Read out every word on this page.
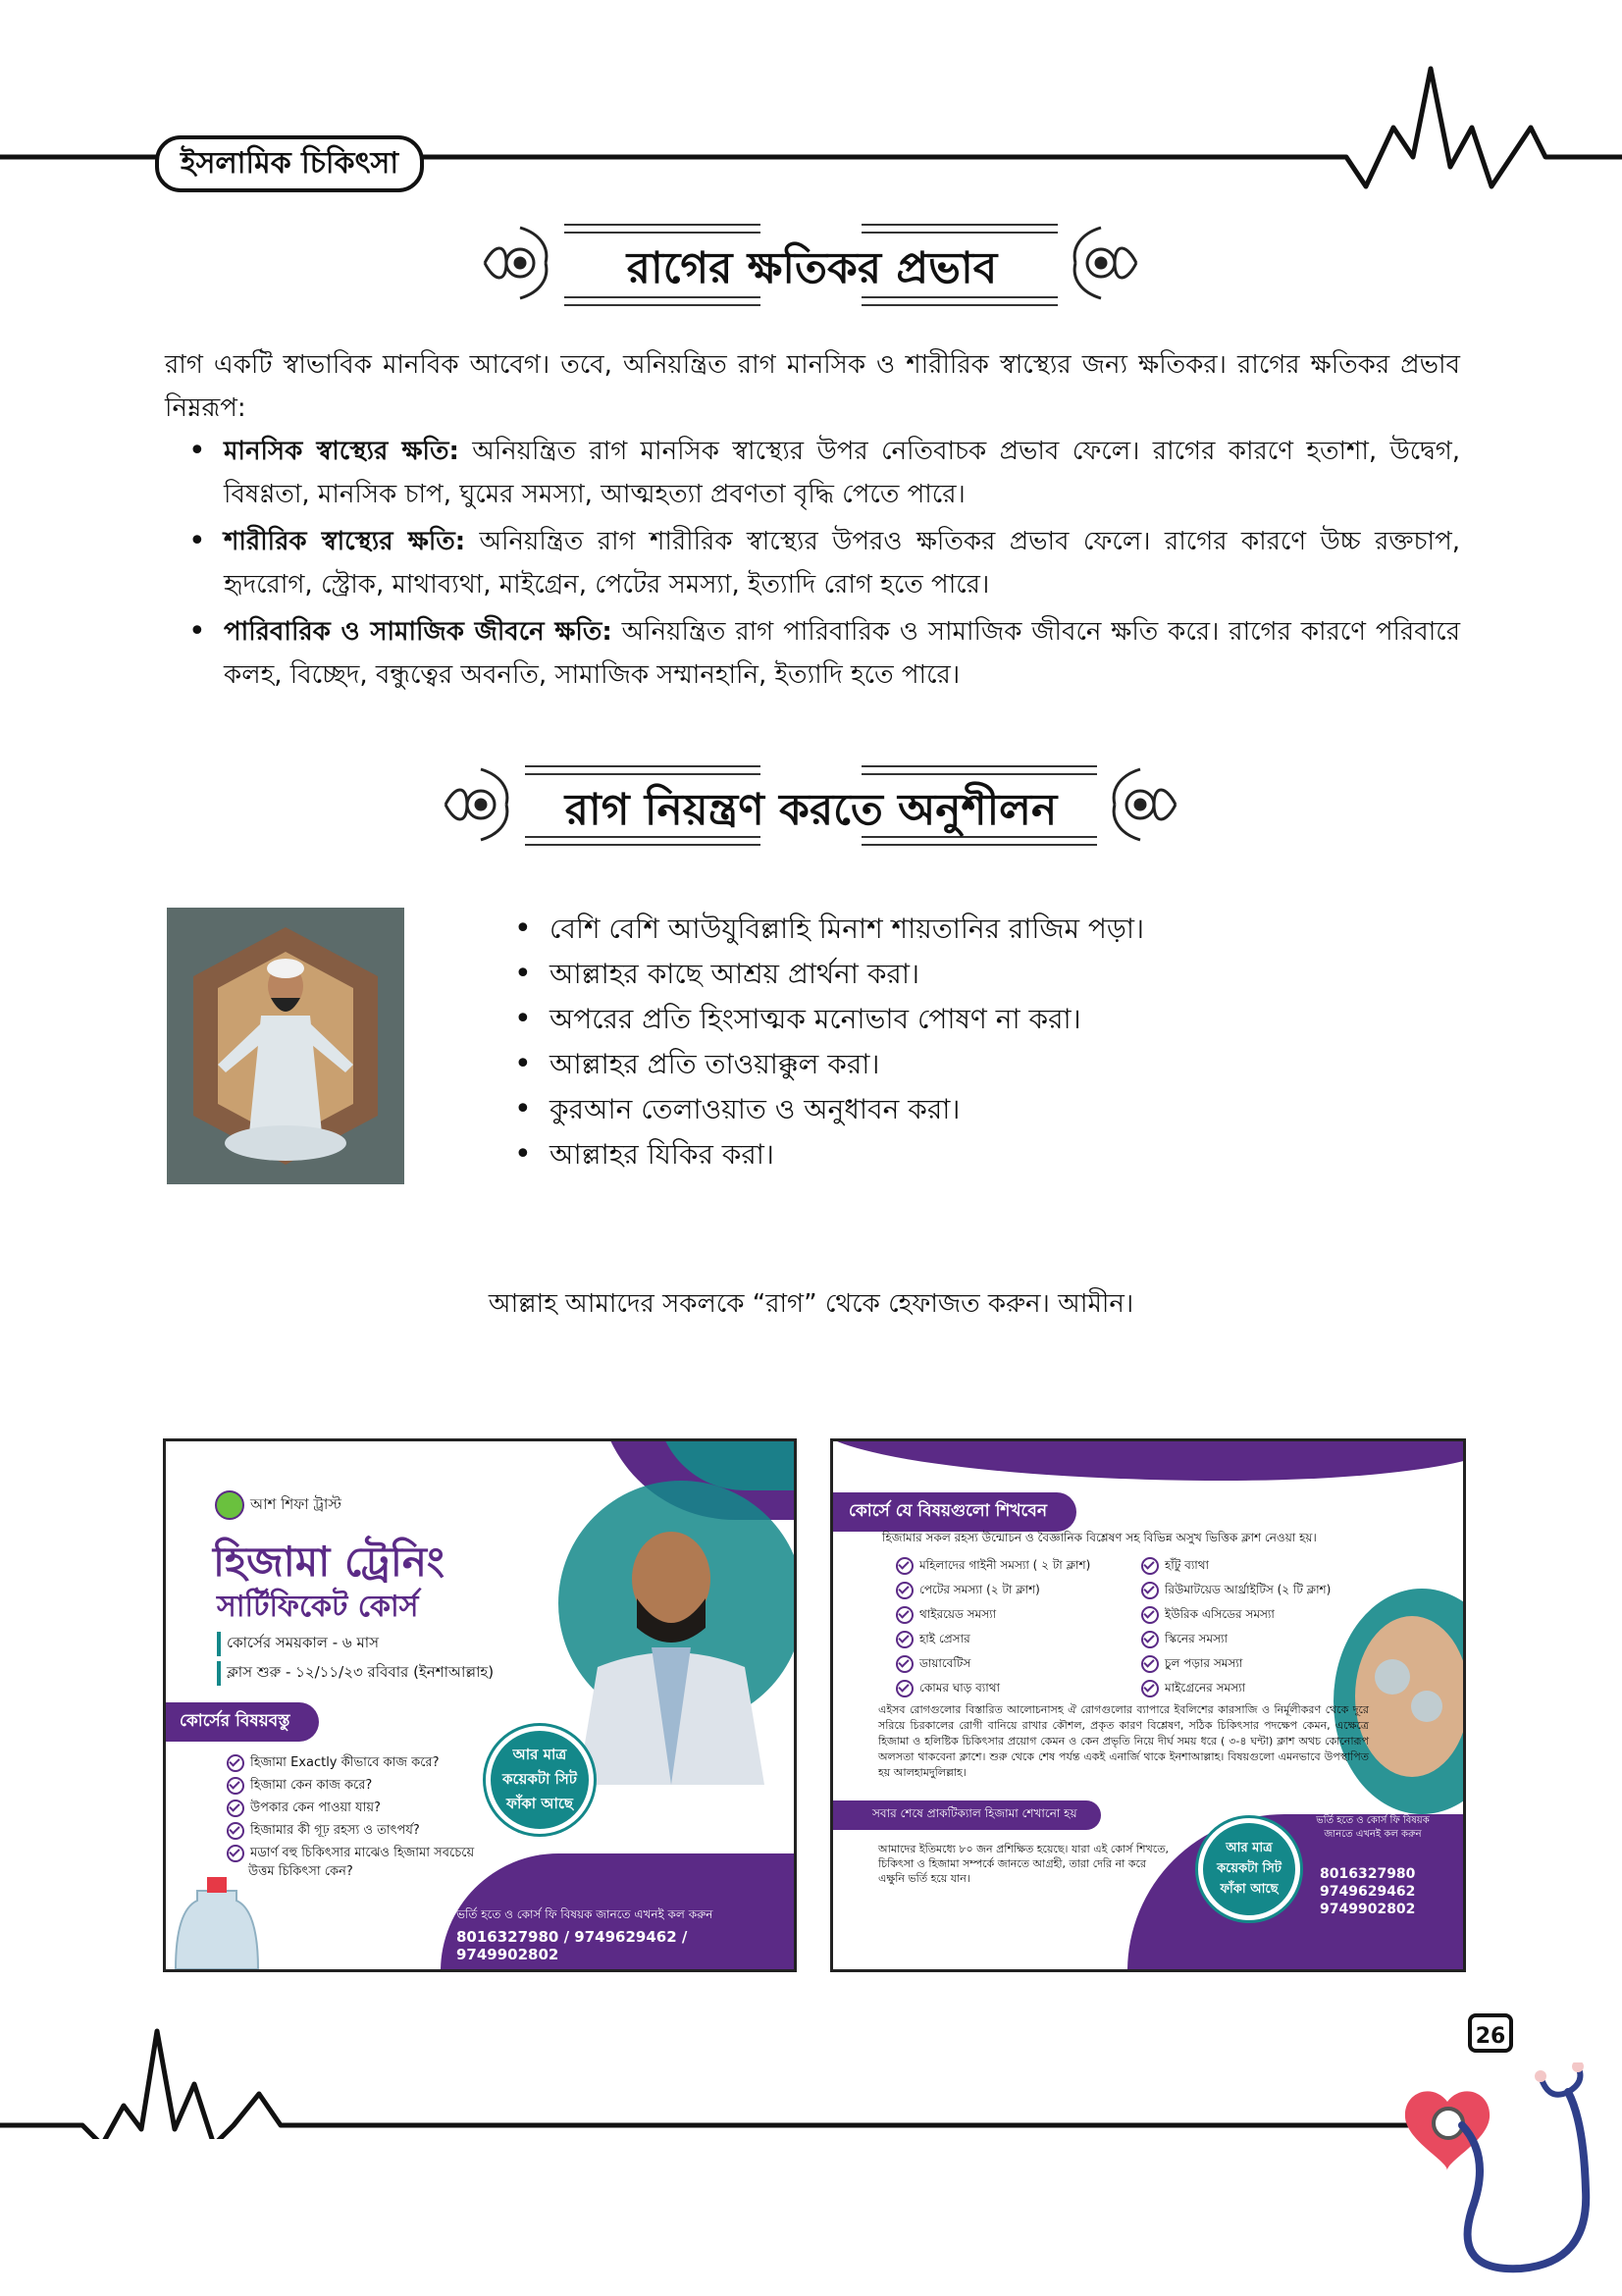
ইসলামিক চিকিৎসা
রাগের ক্ষতিকর প্রভাব
রাগ একটি স্বাভাবিক মানবিক আবেগ। তবে, অনিয়ন্ত্রিত রাগ মানসিক ও শারীরিক স্বাস্থ্যের জন্য ক্ষতিকর। রাগের ক্ষতিকর প্রভাব নিম্নরূপ:
• মানসিক স্বাস্থ্যের ক্ষতি: অনিয়ন্ত্রিত রাগ মানসিক স্বাস্থ্যের উপর নেতিবাচক প্রভাব ফেলে। রাগের কারণে হতাশা, উদ্বেগ, বিষণ্ণতা, মানসিক চাপ, ঘুমের সমস্যা, আত্মহত্যা প্রবণতা বৃদ্ধি পেতে পারে।
• শারীরিক স্বাস্থ্যের ক্ষতি: অনিয়ন্ত্রিত রাগ শারীরিক স্বাস্থ্যের উপরও ক্ষতিকর প্রভাব ফেলে। রাগের কারণে উচ্চ রক্তচাপ, হৃদরোগ, স্ট্রোক, মাথাব্যথা, মাইগ্রেন, পেটের সমস্যা, ইত্যাদি রোগ হতে পারে।
• পারিবারিক ও সামাজিক জীবনে ক্ষতি: অনিয়ন্ত্রিত রাগ পারিবারিক ও সামাজিক জীবনে ক্ষতি করে। রাগের কারণে পরিবারে কলহ, বিচ্ছেদ, বন্ধুত্বের অবনতি, সামাজিক সম্মানহানি, ইত্যাদি হতে পারে।
রাগ নিয়ন্ত্রণ করতে অনুশীলন
• বেশি বেশি আউযুবিল্লাহি মিনাশ শায়তানির রাজিম পড়া।
• আল্লাহর কাছে আশ্রয় প্রার্থনা করা।
• অপরের প্রতি হিংসাত্মক মনোভাব পোষণ না করা।
• আল্লাহর প্রতি তাওয়াক্কুল করা।
• কুরআন তেলাওয়াত ও অনুধাবন করা।
• আল্লাহর যিকির করা।
আল্লাহ আমাদের সকলকে “রাগ” থেকে হেফাজত করুন। আমীন।
আশ শিফা ট্রাস্ট
হিজামা ট্রেনিং
সার্টিফিকেট কোর্স
কোর্সের সময়কাল - ৬ মাস
ক্লাস শুরু - ১২/১১/২৩ রবিবার (ইনশাআল্লাহ)
কোর্সের বিষয়বস্তু
হিজামা Exactly কীভাবে কাজ করে?
হিজামা কেন কাজ করে?
উপকার কেন পাওয়া যায়?
হিজামার কী গূঢ় রহস্য ও তাৎপর্য?
মডার্ণ বহু চিকিৎসার মাঝেও হিজামা সবচেয়ে উত্তম চিকিৎসা কেন?
আর মাত্র কয়েকটা সিট ফাঁকা আছে
ভর্তি হতে ও কোর্স ফি বিষয়ক জানতে এখনই কল করুন
8016327980 / 9749629462 / 9749902802
কোর্সে যে বিষয়গুলো শিখবেন
হিজামার সকল রহস্য উন্মোচন ও বৈজ্ঞানিক বিশ্লেষণ সহ বিভিন্ন অসুখ ভিত্তিক ক্লাশ নেওয়া হয়।
মহিলাদের গাইনী সমস্যা ( ২ টা ক্লাশ)
পেটের সমস্যা (২ টা ক্লাশ)
থাইরয়েড সমস্যা
হাই প্রেসার
ডায়াবেটিস
কোমর ঘাড় ব্যাথা
হাঁটু ব্যাথা
রিউমাটয়েড আর্থ্রাইটিস (২ টি ক্লাশ)
ইউরিক এসিডের সমস্যা
স্কিনের সমস্যা
চুল পড়ার সমস্যা
মাইগ্রেনের সমস্যা
এইসব রোগগুলোর বিস্তারিত আলোচনাসহ ঐ রোগগুলোর ব্যাপারে ইবলিশের কারসাজি ও নির্মূলীকরণ থেকে দূরে সরিয়ে চিরকালের রোগী বানিয়ে রাখার কৌশল, প্রকৃত কারণ বিশ্লেষণ, সঠিক চিকিৎসার পদক্ষেপ কেমন, এক্ষেত্রে হিজামা ও হলিষ্টিক চিকিৎসার প্রয়োগ কেমন ও কেন প্রভৃতি নিয়ে দীর্ঘ সময় ধরে ( ৩-৪ ঘন্টা) ক্লাশ অথচ কোনোরূপ অলসতা থাকবেনা ক্লাশে। শুরু থেকে শেষ পর্যন্ত একই এনার্জি থাকে ইনশাআল্লাহ। বিষয়গুলো এমনভাবে উপস্থাপিত হয় আলহামদুলিল্লাহ।
সবার শেষে প্রাকটিক্যাল হিজামা শেখানো হয়
আমাদের ইতিমধ্যে ৮০ জন প্রশিক্ষিত হয়েছে। যারা এই কোর্স শিখতে, চিকিৎসা ও হিজামা সম্পর্কে জানতে আগ্রহী, তারা দেরি না করে এক্ষুনি ভর্তি হয়ে যান।
আর মাত্র কয়েকটা সিট ফাঁকা আছে
ভর্তি হতে ও কোর্স ফি বিষয়ক জানতে এখনই কল করুন
8016327980
9749629462
9749902802
26
